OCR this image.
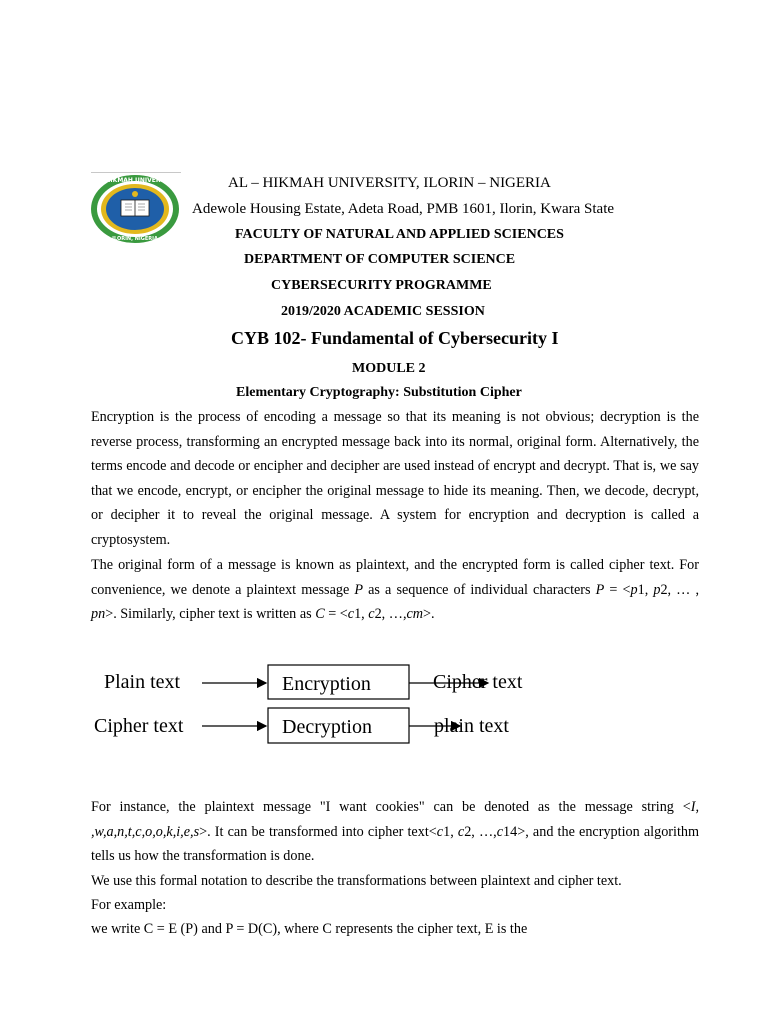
AL-HIKMAH UNIVERSITY
ILORIN, NIGERIA
AL – HIKMAH UNIVERSITY, ILORIN – NIGERIA
Adewole Housing Estate, Adeta Road, PMB 1601, Ilorin, Kwara State
FACULTY OF NATURAL AND APPLIED SCIENCES
DEPARTMENT OF COMPUTER SCIENCE
CYBERSECURITY PROGRAMME
2019/2020 ACADEMIC SESSION
CYB 102- Fundamental of Cybersecurity I
MODULE 2
Elementary Cryptography: Substitution Cipher
Encryption is the process of encoding a message so that its meaning is not obvious; decryption is the reverse process, transforming an encrypted message back into its normal, original form. Alternatively, the terms encode and decode or encipher and decipher are used instead of encrypt and decrypt. That is, we say that we encode, encrypt, or encipher the original message to hide its meaning. Then, we decode, decrypt, or decipher it to reveal the original message. A system for encryption and decryption is called a cryptosystem.
The original form of a message is known as plaintext, and the encrypted form is called cipher text. For convenience, we denote a plaintext message P as a sequence of individual characters P = <p1, p2, … , pn>. Similarly, cipher text is written as C = <c1, c2, …,cm>.
Plain text	Encryption	Cipher text
Cipher text	Decryption	plain text
For instance, the plaintext message "I want cookies" can be denoted as the message string <I, ,w,a,n,t,c,o,o,k,i,e,s>. It can be transformed into cipher text<c1, c2, …,c14>, and the encryption algorithm tells us how the transformation is done.
We use this formal notation to describe the transformations between plaintext and cipher text.
For example:
we write C = E (P) and P = D(C), where C represents the cipher text, E is the
